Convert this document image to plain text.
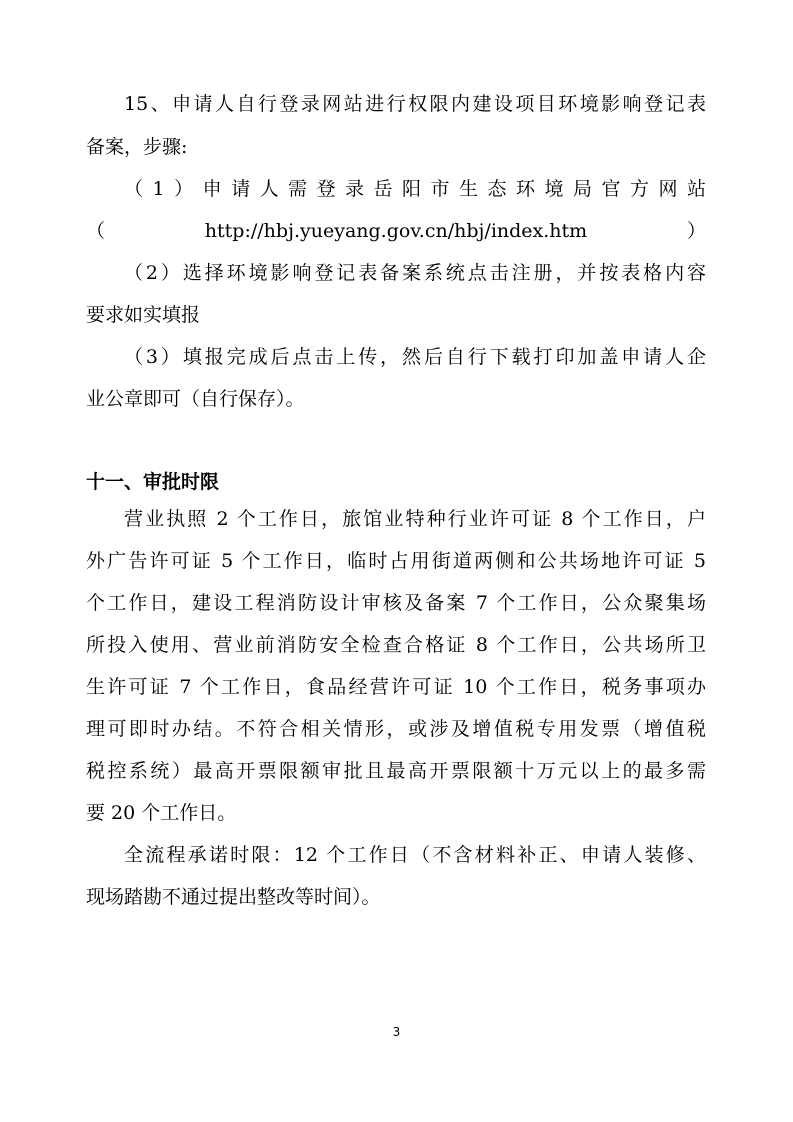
15、申请人自行登录网站进行权限内建设项目环境影响登记表
备案，步骤:
（1）申请人需登录岳阳市生态环境局官方网站
（http://hbj.yueyang.gov.cn/hbj/index.htm）
（2）选择环境影响登记表备案系统点击注册，并按表格内容
要求如实填报
（3）填报完成后点击上传，然后自行下载打印加盖申请人企
业公章即可（自行保存）。
十一、审批时限
营业执照 2 个工作日，旅馆业特种行业许可证 8 个工作日，户
外广告许可证 5 个工作日，临时占用街道两侧和公共场地许可证 5
个工作日，建设工程消防设计审核及备案 7 个工作日，公众聚集场
所投入使用、营业前消防安全检查合格证 8 个工作日，公共场所卫
生许可证 7 个工作日，食品经营许可证 10 个工作日，税务事项办
理可即时办结。不符合相关情形，或涉及增值税专用发票（增值税
税控系统）最高开票限额审批且最高开票限额十万元以上的最多需
要 20 个工作日。
全流程承诺时限：12 个工作日（不含材料补正、申请人装修、
现场踏勘不通过提出整改等时间）。
3
